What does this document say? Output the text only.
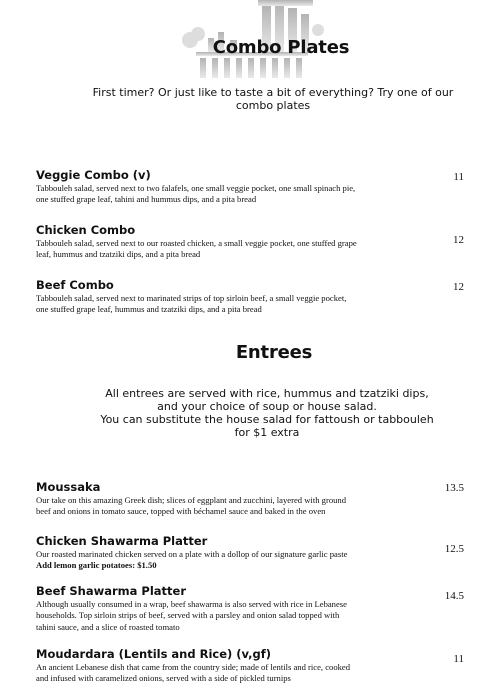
Combo Plates

First timer? Or just like to taste a bit of everything? Try one of our
combo plates

Veggie Combo (v)

Tabbouleh salad, served next to two falafels, one small veggie pocket, one small spinach pie,
one stuffed grape leaf, tahini and hummus dips, and a pita bread

11

Chicken Combo

Tabbouleh salad, served next to our roasted chicken, a small veggie pocket, one stuffed grape
leaf, hummus and tzatziki dips, and a pita bread

12

Beef Combo

Tabbouleh salad, served next to marinated strips of top sirloin beef, a small veggie pocket,
one stuffed grape leaf, hummus and tzatziki dips, and a pita bread

12
Entrees

All entrees are served with rice, hummus and tzatziki dips,
and your choice of soup or house salad.
You can substitute the house salad for fattoush or tabbouleh
for $1 extra

Moussaka

Our take on this amazing Greek dish; slices of eggplant and zucchini, layered with ground
beef and onions in tomato sauce, topped with béchamel sauce and baked in the oven

13.5

Chicken Shawarma Platter

Our roasted marinated chicken served on a plate with a dollop of our signature garlic paste

Add lemon garlic potatoes: $1.50

12.5

Beef Shawarma Platter

Although usually consumed in a wrap, beef shawarma is also served with rice in Lebanese
households. Top sirloin strips of beef, served with a parsley and onion salad topped with
tahini sauce, and a slice of roasted tomato

14.5

Moudardara (Lentils and Rice) (v,gf)

An ancient Lebanese dish that came from the country side; made of lentils and rice, cooked
and infused with caramelized onions, served with a side of pickled turnips

11
